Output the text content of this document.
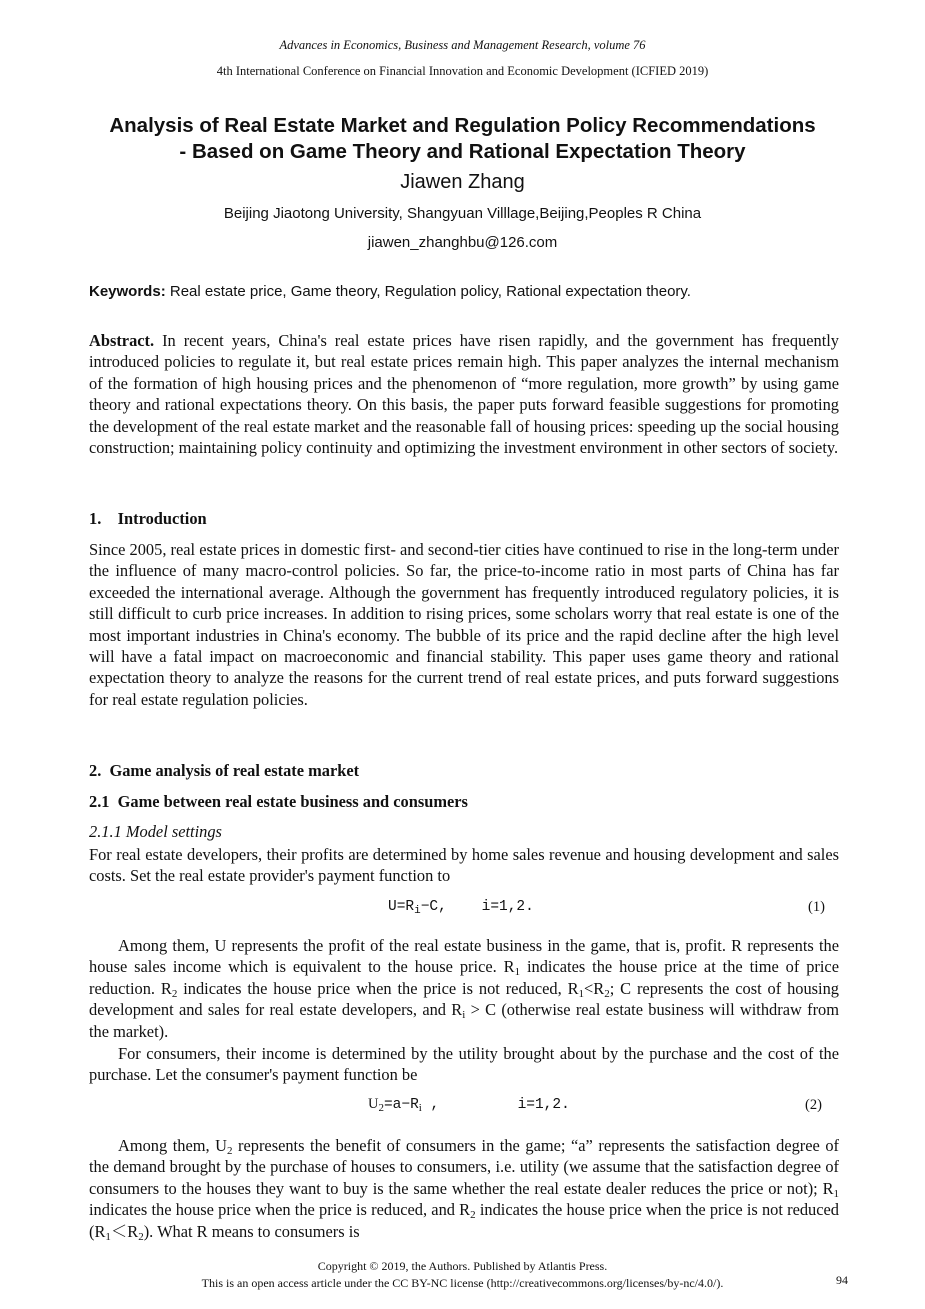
Advances in Economics, Business and Management Research, volume 76
4th International Conference on Financial Innovation and Economic Development (ICFIED 2019)
Analysis of Real Estate Market and Regulation Policy Recommendations
- Based on Game Theory and Rational Expectation Theory
Jiawen Zhang
Beijing Jiaotong University, Shangyuan Villlage,Beijing,Peoples R China
jiawen_zhanghbu@126.com
Keywords: Real estate price, Game theory, Regulation policy, Rational expectation theory.
Abstract. In recent years, China's real estate prices have risen rapidly, and the government has frequently introduced policies to regulate it, but real estate prices remain high. This paper analyzes the internal mechanism of the formation of high housing prices and the phenomenon of “more regulation, more growth” by using game theory and rational expectations theory. On this basis, the paper puts forward feasible suggestions for promoting the development of the real estate market and the reasonable fall of housing prices: speeding up the social housing construction; maintaining policy continuity and optimizing the investment environment in other sectors of society.
1.    Introduction
Since 2005, real estate prices in domestic first- and second-tier cities have continued to rise in the long-term under the influence of many macro-control policies. So far, the price-to-income ratio in most parts of China has far exceeded the international average. Although the government has frequently introduced regulatory policies, it is still difficult to curb price increases. In addition to rising prices, some scholars worry that real estate is one of the most important industries in China's economy. The bubble of its price and the rapid decline after the high level will have a fatal impact on macroeconomic and financial stability. This paper uses game theory and rational expectation theory to analyze the reasons for the current trend of real estate prices, and puts forward suggestions for real estate regulation policies.
2.  Game analysis of real estate market
2.1  Game between real estate business and consumers
2.1.1 Model settings
For real estate developers, their profits are determined by home sales revenue and housing development and sales costs. Set the real estate provider's payment function to
$U=R_i-C$,    i=1,2.	(1)
Among them, U represents the profit of the real estate business in the game, that is, profit. R represents the house sales income which is equivalent to the house price. $R_1$ indicates the house price at the time of price reduction. $R_2$ indicates the house price when the price is not reduced, $R_1<R_2$; C represents the cost of housing development and sales for real estate developers, and $R_i > C$ (otherwise real estate business will withdraw from the market).
For consumers, their income is determined by the utility brought about by the purchase and the cost of the purchase. Let the consumer's payment function be
$U_2=a-R_i$ ,         i=1,2.	(2)
Among them, $U_2$ represents the benefit of consumers in the game; “a” represents the satisfaction degree of the demand brought by the purchase of houses to consumers, i.e. utility (we assume that the satisfaction degree of consumers to the houses they want to buy is the same whether the real estate dealer reduces the price or not); $R_1$ indicates the house price when the price is reduced, and $R_2$ indicates the house price when the price is not reduced $(R_1<R_2)$. What R means to consumers is
Copyright © 2019, the Authors. Published by Atlantis Press.
This is an open access article under the CC BY-NC license (http://creativecommons.org/licenses/by-nc/4.0/).	94
